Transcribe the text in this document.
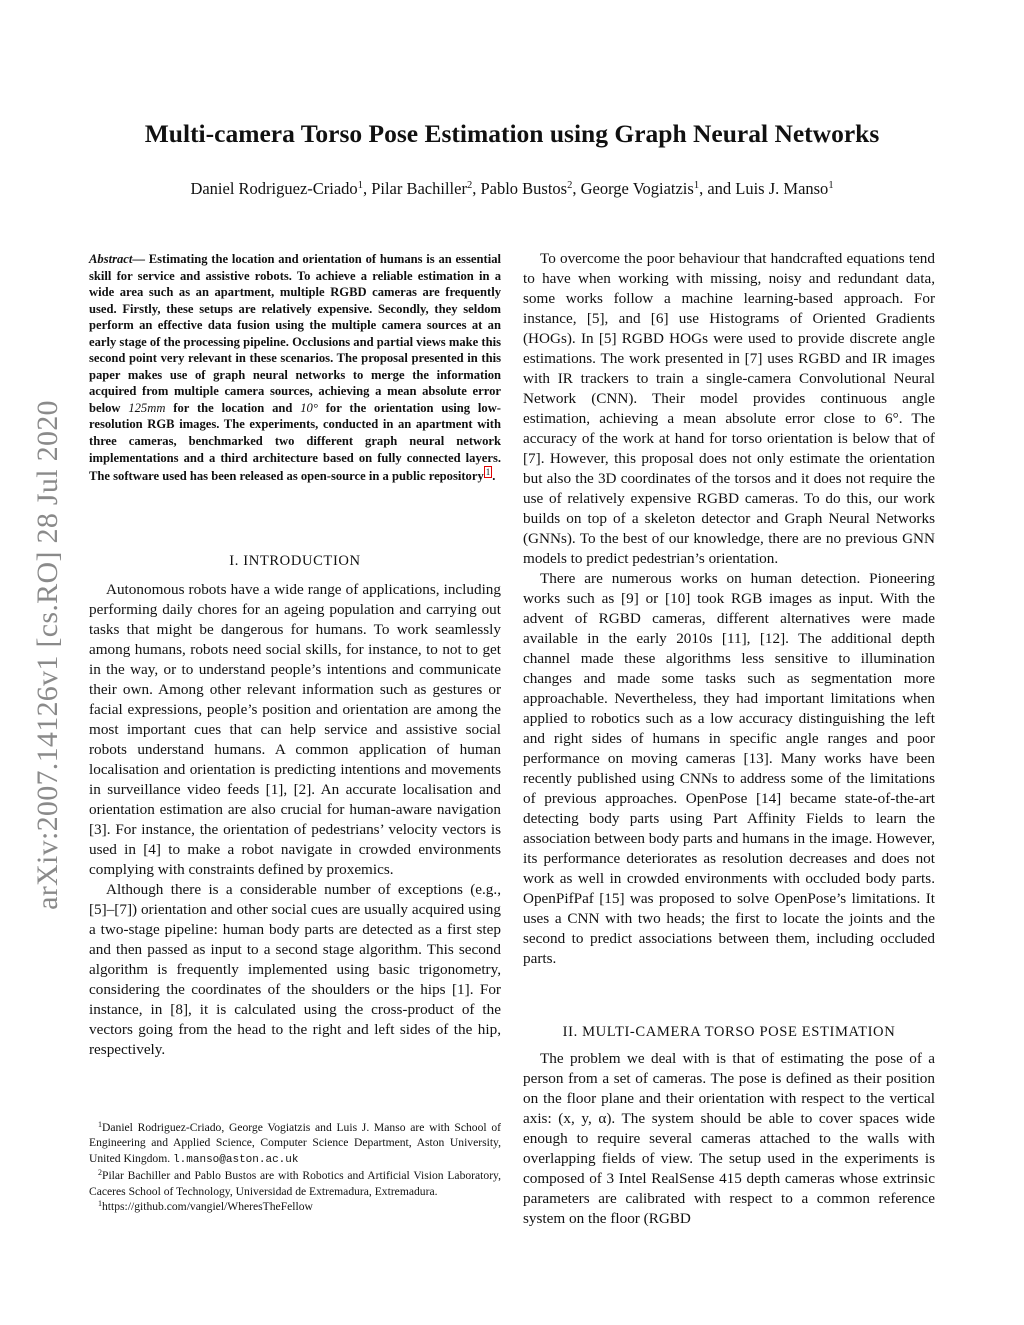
arXiv:2007.14126v1 [cs.RO] 28 Jul 2020
Multi-camera Torso Pose Estimation using Graph Neural Networks
Daniel Rodriguez-Criado$^1$, Pilar Bachiller$^2$, Pablo Bustos$^2$, George Vogiatzis$^1$, and Luis J. Manso$^1$
Abstract— Estimating the location and orientation of humans is an essential skill for service and assistive robots. To achieve a reliable estimation in a wide area such as an apartment, multiple RGBD cameras are frequently used. Firstly, these setups are relatively expensive. Secondly, they seldom perform an effective data fusion using the multiple camera sources at an early stage of the processing pipeline. Occlusions and partial views make this second point very relevant in these scenarios. The proposal presented in this paper makes use of graph neural networks to merge the information acquired from multiple camera sources, achieving a mean absolute error below 125mm for the location and 10° for the orientation using low-resolution RGB images. The experiments, conducted in an apartment with three cameras, benchmarked two different graph neural network implementations and a third architecture based on fully connected layers. The software used has been released as open-source in a public repository 1 .
I. INTRODUCTION

Autonomous robots have a wide range of applications, including performing daily chores for an ageing population and carrying out tasks that might be dangerous for humans. To work seamlessly among humans, robots need social skills, for instance, to not to get in the way, or to understand people’s intentions and communicate their own. Among other relevant information such as gestures or facial expressions, people’s position and orientation are among the most important cues that can help service and assistive social robots understand humans. A common application of human localisation and orientation is predicting intentions and movements in surveillance video feeds [1], [2]. An accurate localisation and orientation estimation are also crucial for human-aware navigation [3]. For instance, the orientation of pedestrians’ velocity vectors is used in [4] to make a robot navigate in crowded environments complying with constraints defined by proxemics.

Although there is a considerable number of exceptions (e.g., [5]–[7]) orientation and other social cues are usually acquired using a two-stage pipeline: human body parts are detected as a first step and then passed as input to a second stage algorithm. This second algorithm is frequently implemented using basic trigonometry, considering the coordinates of the shoulders or the hips [1]. For instance, in [8], it is calculated using the cross-product of the vectors going from the head to the right and left sides of the hip, respectively.

$^1$Daniel Rodriguez-Criado, George Vogiatzis and Luis J. Manso are with School of Engineering and Applied Science, Computer Science Department, Aston University, United Kingdom. l.manso@aston.ac.uk

$^2$Pilar Bachiller and Pablo Bustos are with Robotics and Artificial Vision Laboratory, Caceres School of Technology, Universidad de Extremadura, Extremadura.

$^1$https://github.com/vangiel/WheresTheFellow

To overcome the poor behaviour that handcrafted equations tend to have when working with missing, noisy and redundant data, some works follow a machine learning-based approach. For instance, [5], and [6] use Histograms of Oriented Gradients (HOGs). In [5] RGBD HOGs were used to provide discrete angle estimations. The work presented in [7] uses RGBD and IR images with IR trackers to train a single-camera Convolutional Neural Network (CNN). Their model provides continuous angle estimation, achieving a mean absolute error close to 6°. The accuracy of the work at hand for torso orientation is below that of [7]. However, this proposal does not only estimate the orientation but also the 3D coordinates of the torsos and it does not require the use of relatively expensive RGBD cameras. To do this, our work builds on top of a skeleton detector and Graph Neural Networks (GNNs). To the best of our knowledge, there are no previous GNN models to predict pedestrian’s orientation.

There are numerous works on human detection. Pioneering works such as [9] or [10] took RGB images as input. With the advent of RGBD cameras, different alternatives were made available in the early 2010s [11], [12]. The additional depth channel made these algorithms less sensitive to illumination changes and made some tasks such as segmentation more approachable. Nevertheless, they had important limitations when applied to robotics such as a low accuracy distinguishing the left and right sides of humans in specific angle ranges and poor performance on moving cameras [13]. Many works have been recently published using CNNs to address some of the limitations of previous approaches. OpenPose [14] became state-of-the-art detecting body parts using Part Affinity Fields to learn the association between body parts and humans in the image. However, its performance deteriorates as resolution decreases and does not work as well in crowded environments with occluded body parts. OpenPifPaf [15] was proposed to solve OpenPose’s limitations. It uses a CNN with two heads; the first to locate the joints and the second to predict associations between them, including occluded parts.

II. MULTI-CAMERA TORSO POSE ESTIMATION

The problem we deal with is that of estimating the pose of a person from a set of cameras. The pose is defined as their position on the floor plane and their orientation with respect to the vertical axis: (x, y, α). The system should be able to cover spaces wide enough to require several cameras attached to the walls with overlapping fields of view. The setup used in the experiments is composed of 3 Intel RealSense 415 depth cameras whose extrinsic parameters are calibrated with respect to a common reference system on the floor (RGBD
